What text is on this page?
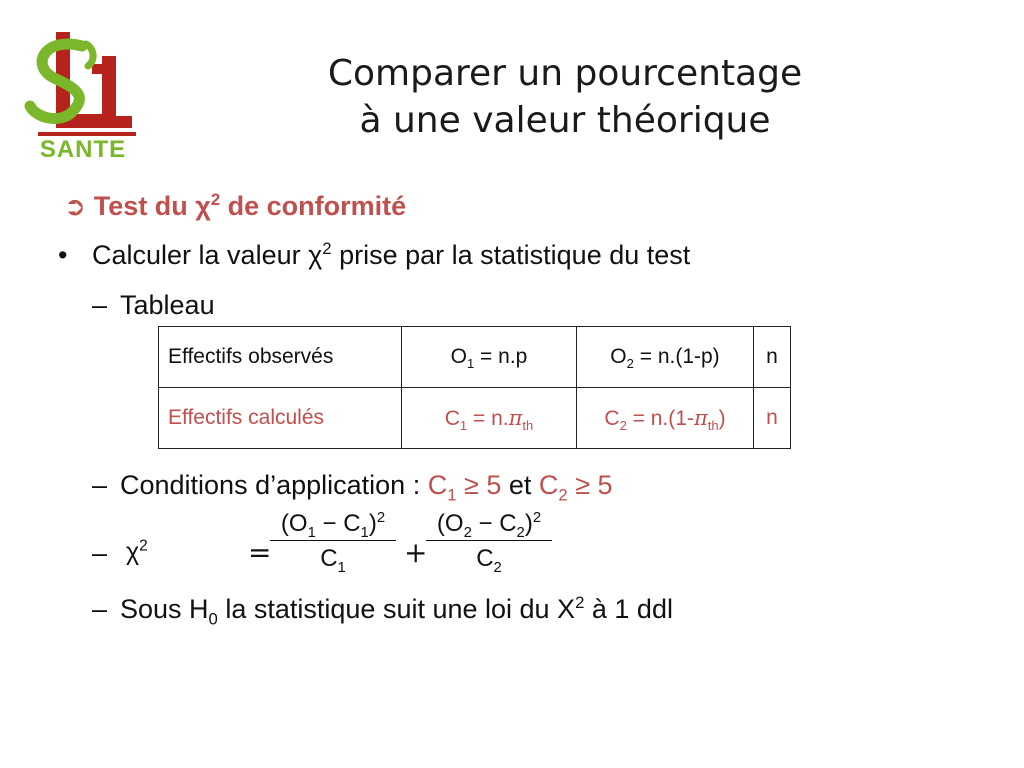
SANTE
Comparer un pourcentage
à une valeur théorique
➲ Test du $\chi^2$ de conformité
• Calculer la valeur $\chi^2$ prise par la statistique du test
– Tableau
Effectifs observés	$O_1 = n.p$	$O_2 = n.(1-p)$	n
Effectifs calculés	$C_1 = n.\pi_{th}$	$C_2 = n.(1-\pi_{th})$	n
– Conditions d’application : $C_1 \ge 5$ et $C_2 \ge 5$
– $\chi^2$	=
$\frac{(O_1 - C_1)^2}{C_1}$ +
$\frac{(O_2 - C_2)^2}{C_2}$
– Sous $H_0$ la statistique suit une loi du $X^2$ à 1 ddl
